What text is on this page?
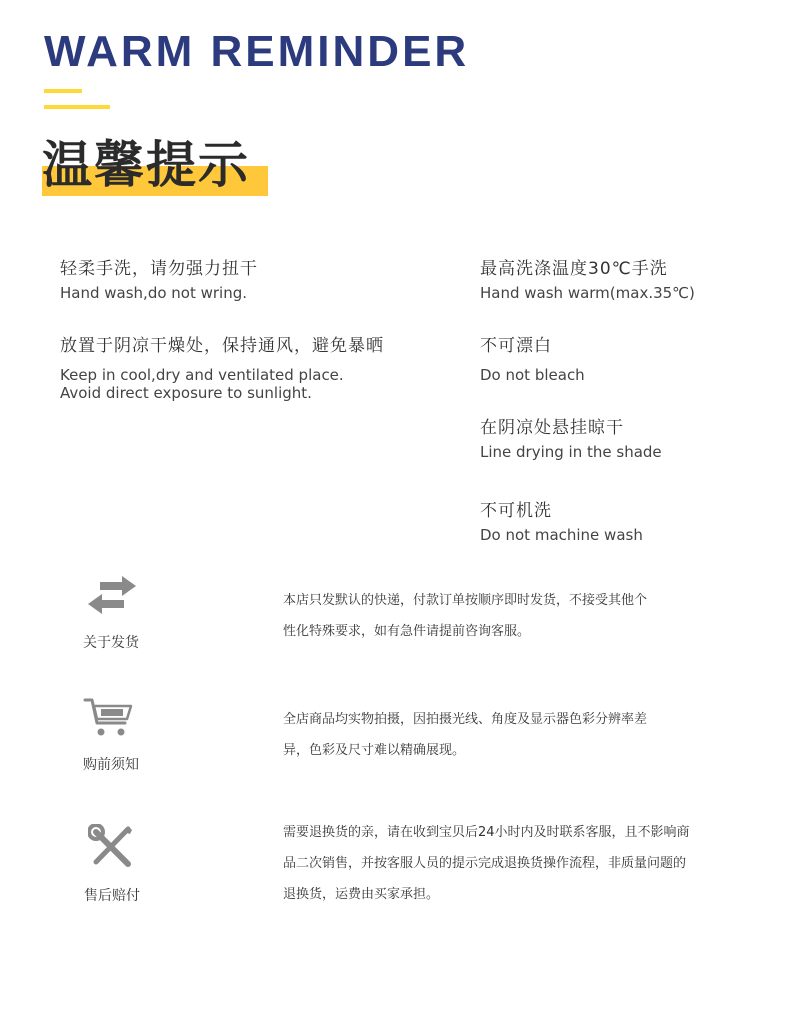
WARM REMINDER
温馨提示
轻柔手洗，请勿强力扭干
Hand wash,do not wring.
放置于阴凉干燥处，保持通风，避免暴晒
Keep in cool,dry and ventilated place.
Avoid direct exposure to sunlight.
最高洗涤温度30℃手洗
Hand wash warm(max.35℃)
不可漂白
Do not bleach
在阴凉处悬挂晾干
Line drying in the shade
不可机洗
Do not machine wash
关于发货
本店只发默认的快递，付款订单按顺序即时发货，不接受其他个
性化特殊要求，如有急件请提前咨询客服。
购前须知
全店商品均实物拍摄，因拍摄光线、角度及显示器色彩分辨率差
异，色彩及尺寸难以精确展现。
售后赔付
需要退换货的亲，请在收到宝贝后24小时内及时联系客服，且不影响商
品二次销售，并按客服人员的提示完成退换货操作流程，非质量问题的
退换货，运费由买家承担。
